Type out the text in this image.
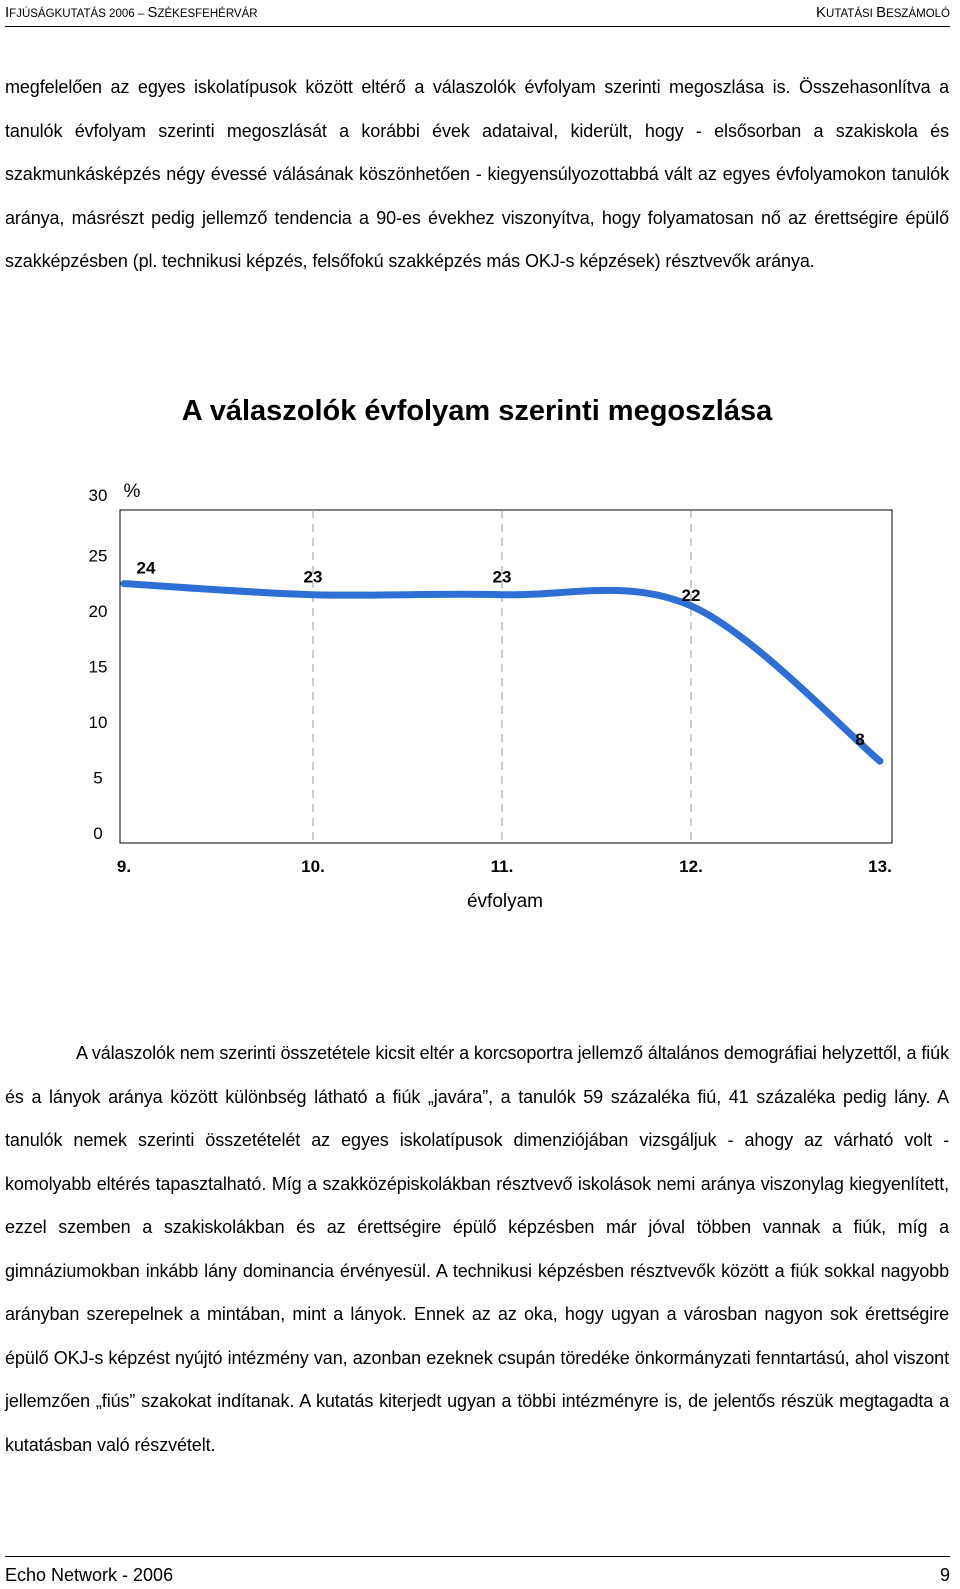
IFJÚSÁGKUTATÁS 2006 – SZÉKESFEHÉRVÁR	KUTATÁSI BESZÁMOLÓ
megfelelően az egyes iskolatípusok között eltérő a válaszolók évfolyam szerinti megoszlása is. Összehasonlítva a tanulók évfolyam szerinti megoszlását a korábbi évek adataival, kiderült, hogy - elsősorban a szakiskola és szakmunkásképzés négy évessé válásának köszönhetően - kiegyensúlyozottabbá vált az egyes évfolyamokon tanulók aránya, másrészt pedig jellemző tendencia a 90-es évekhez viszonyítva, hogy folyamatosan nő az érettségire épülő szakképzésben (pl. technikusi képzés, felsőfokú szakképzés más OKJ-s képzések) résztvevők aránya.
A válaszolók évfolyam szerinti megoszlása
%
évfolyam
0
5
10
15
20
25
30
9.	10.	11.	12.	13.
24	23	23
22
8
A válaszolók nem szerinti összetétele kicsit eltér a korcsoportra jellemző általános demográfiai helyzettől, a fiúk és a lányok aránya között különbség látható a fiúk „javára”, a tanulók 59 százaléka fiú, 41 százaléka pedig lány. A tanulók nemek szerinti összetételét az egyes iskolatípusok dimenziójában vizsgáljuk - ahogy az várható volt - komolyabb eltérés tapasztalható. Míg a szakközépiskolákban résztvevő iskolások nemi aránya viszonylag kiegyenlített, ezzel szemben a szakiskolákban és az érettségire épülő képzésben már jóval többen vannak a fiúk, míg a gimnáziumokban inkább lány dominancia érvényesül. A technikusi képzésben résztvevők között a fiúk sokkal nagyobb arányban szerepelnek a mintában, mint a lányok. Ennek az az oka, hogy ugyan a városban nagyon sok érettségire épülő OKJ-s képzést nyújtó intézmény van, azonban ezeknek csupán töredéke önkormányzati fenntartású, ahol viszont jellemzően „fiús” szakokat indítanak. A kutatás kiterjedt ugyan a többi intézményre is, de jelentős részük megtagadta a kutatásban való részvételt.
Echo Network - 2006	9
